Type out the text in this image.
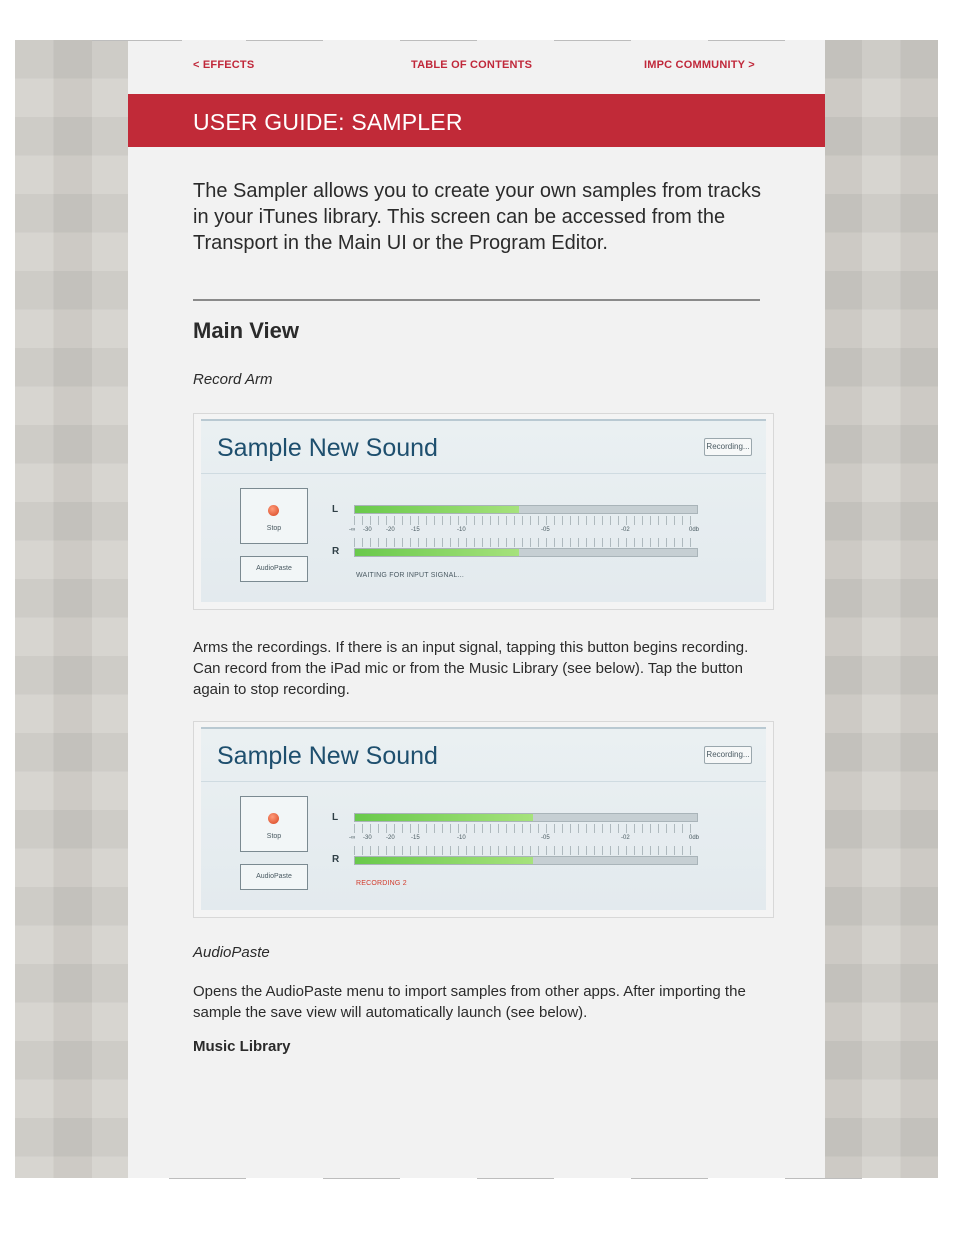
< EFFECTS	TABLE OF CONTENTS	IMPC COMMUNITY >
USER GUIDE: SAMPLER
The Sampler allows you to create your own samples from tracks in your iTunes library. This screen can be accessed from the Transport in the Main UI or the Program Editor.
Main View
Record Arm
Sample New Sound	Recording...
Stop
AudioPaste
L
-∞ -30 -20	-15	-10	-05	-02	0db
R
WAITING FOR INPUT SIGNAL...
Arms the recordings. If there is an input signal, tapping this button begins recording. Can record from the iPad mic or from the Music Library (see below). Tap the button again to stop recording.
Sample New Sound	Recording...
Stop
AudioPaste
L
-∞ -30 -20	-15	-10	-05	-02	0db
R
RECORDING 2
AudioPaste
Opens the AudioPaste menu to import samples from other apps. After importing the sample the save view will automatically launch (see below).
Music Library
